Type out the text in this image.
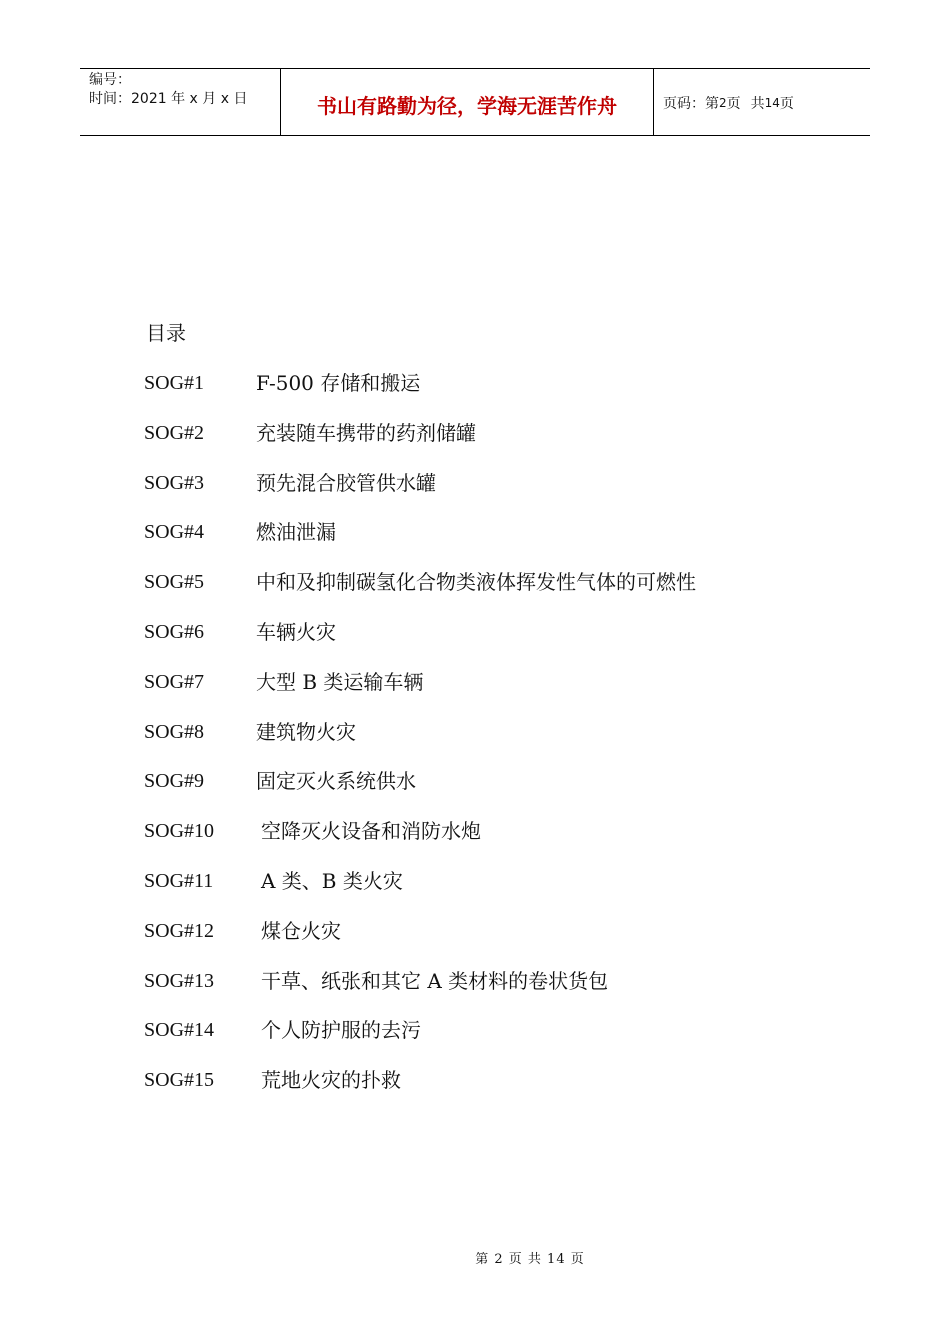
编号：
时间：2021 年 x 月 x 日	书山有路勤为径，学海无涯苦作舟	页码：第 2 页 共 14 页
目录
SOG#1	F-500 存储和搬运
SOG#2	充装随车携带的药剂储罐
SOG#3	预先混合胶管供水罐
SOG#4	燃油泄漏
SOG#5	中和及抑制碳氢化合物类液体挥发性气体的可燃性
SOG#6	车辆火灾
SOG#7	大型 B 类运输车辆
SOG#8	建筑物火灾
SOG#9	固定灭火系统供水
SOG#10	空降灭火设备和消防水炮
SOG#11	A 类、B 类火灾
SOG#12	煤仓火灾
SOG#13	干草、纸张和其它 A 类材料的卷状货包
SOG#14	个人防护服的去污
SOG#15	荒地火灾的扑救
第 2 页 共 14 页
